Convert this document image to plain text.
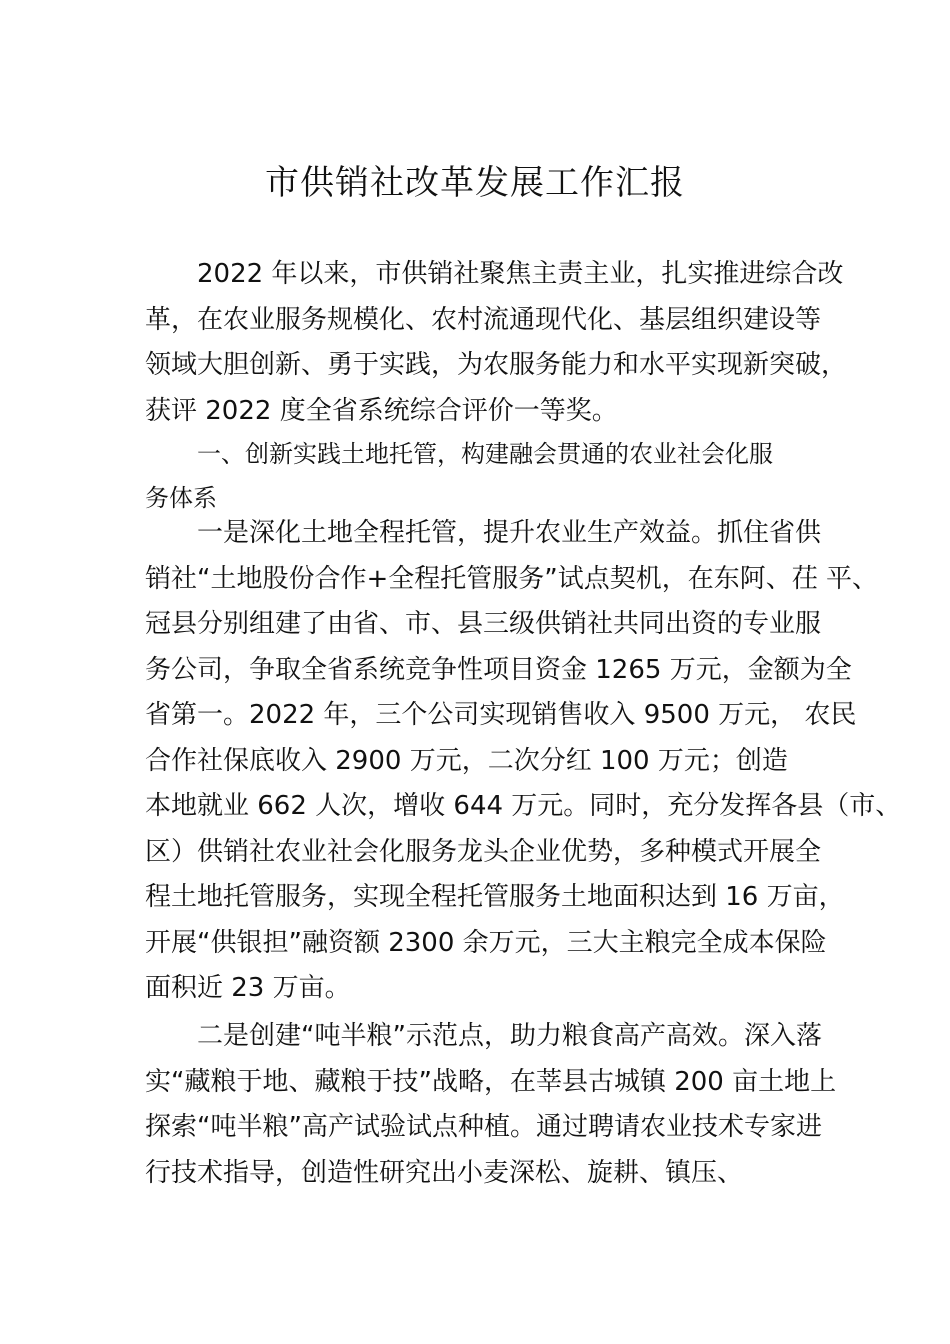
市供销社改革发展工作汇报
2022 年以来，市供销社聚焦主责主业，扎实推进综合改
革，在农业服务规模化、农村流通现代化、基层组织建设等
领域大胆创新、勇于实践，为农服务能力和水平实现新突破，
获评 2022 度全省系统综合评价一等奖。
一、创新实践土地托管，构建融会贯通的农业社会化服
务体系
一是深化土地全程托管，提升农业生产效益。抓住省供
销社“土地股份合作+全程托管服务”试点契机，在东阿、茌 平、
冠县分别组建了由省、市、县三级供销社共同出资的专业服
务公司，争取全省系统竞争性项目资金 1265 万元，金额为全
省第一。2022 年，三个公司实现销售收入 9500 万元， 农民
合作社保底收入 2900 万元，二次分红 100 万元；创造
本地就业 662 人次，增收 644 万元。同时，充分发挥各县（市、
区）供销社农业社会化服务龙头企业优势，多种模式开展全
程土地托管服务，实现全程托管服务土地面积达到 16 万亩，
开展“供银担”融资额 2300 余万元，三大主粮完全成本保险
面积近 23 万亩。
二是创建“吨半粮”示范点，助力粮食高产高效。深入落
实“藏粮于地、藏粮于技”战略，在莘县古城镇 200 亩土地上
探索“吨半粮”高产试验试点种植。通过聘请农业技术专家进
行技术指导，创造性研究出小麦深松、旋耕、镇压、
